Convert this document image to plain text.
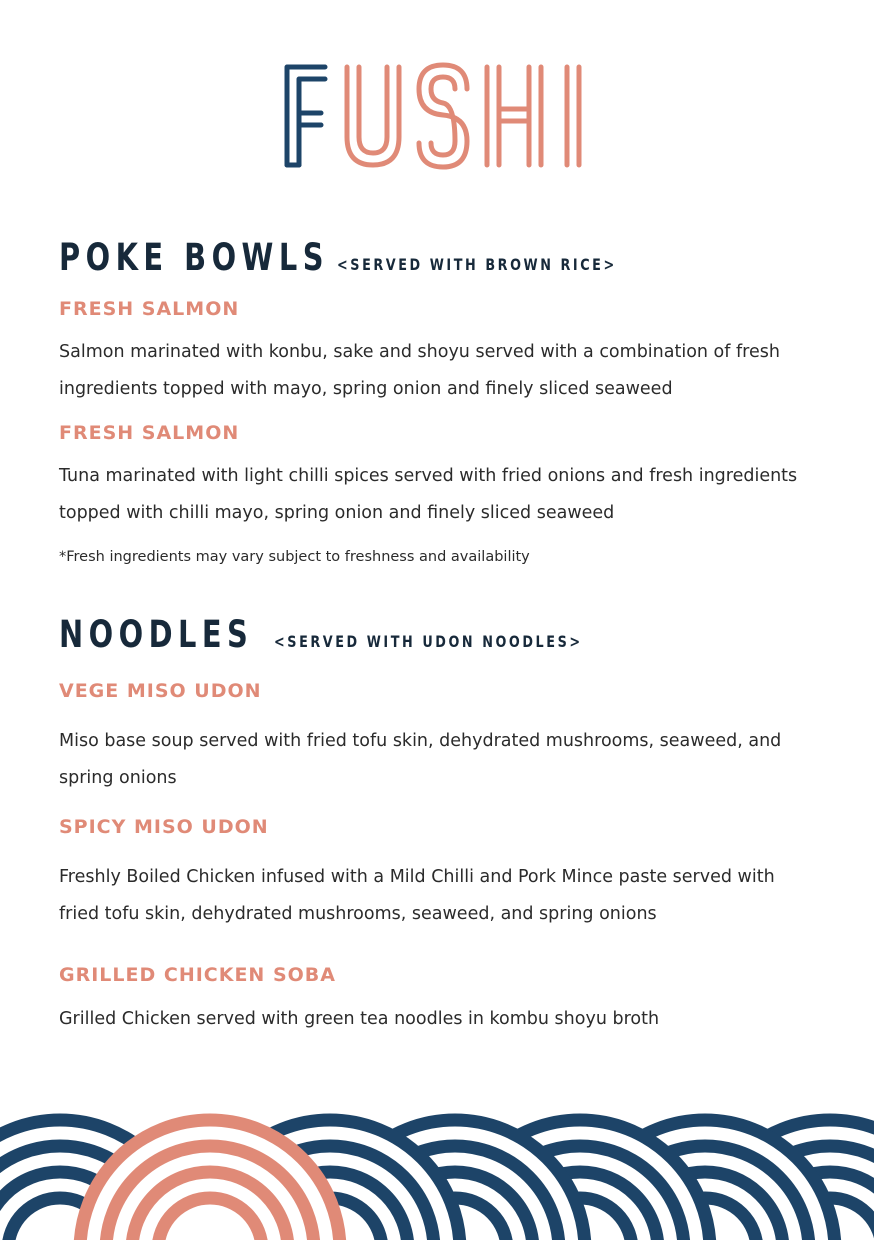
POKE BOWLS <SERVED WITH BROWN RICE>
FRESH SALMON

Salmon marinated with konbu, sake and shoyu served with a combination of fresh ingredients topped with mayo, spring onion and finely sliced seaweed

FRESH SALMON

Tuna marinated with light chilli spices served with fried onions and fresh ingredients topped with chilli mayo, spring onion and finely sliced seaweed

*Fresh ingredients may vary subject to freshness and availability

NOODLES <SERVED WITH UDON NOODLES>
VEGE MISO UDON

Miso base soup served with fried tofu skin, dehydrated mushrooms, seaweed, and spring onions

SPICY MISO UDON

Freshly Boiled Chicken infused with a Mild Chilli and Pork Mince paste served with fried tofu skin, dehydrated mushrooms, seaweed, and spring onions

GRILLED CHICKEN SOBA

Grilled Chicken served with green tea noodles in kombu shoyu broth
